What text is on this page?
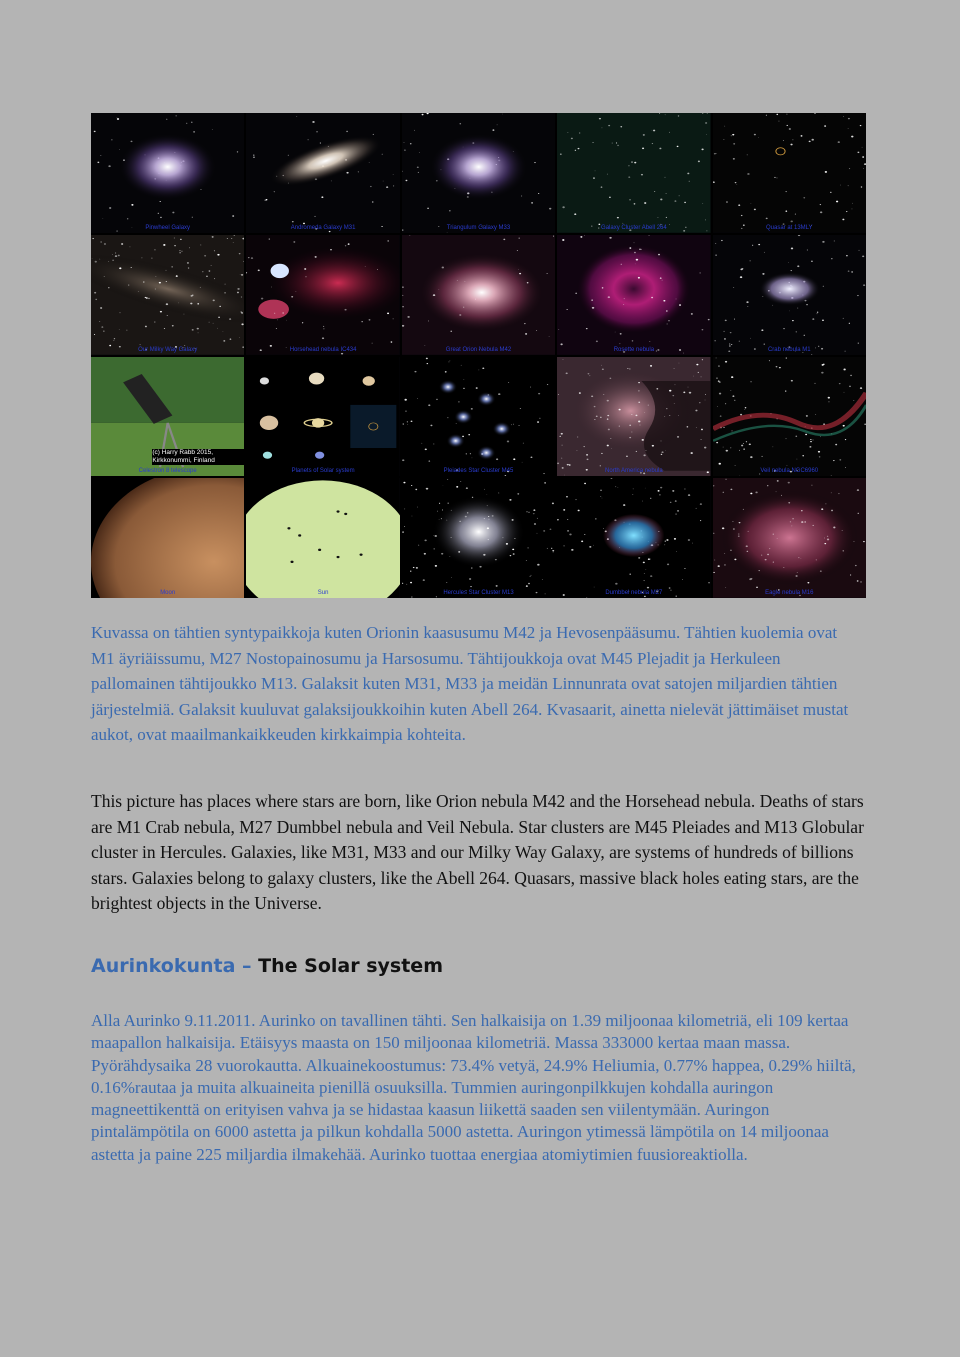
Pinwheel Galaxy	Andromeda Galaxy M31	Triangulum Galaxy M33	Galaxy Cluster Abell 264	Quasar at 13MLY
Our Milky Way Galaxy	Horsehead nebula IC434	Great Orion Nebula M42	Rosette nebula	Crab nebula M1
Celestron 8 telescope
(c) Harry Rabb 2015,
Kirkkonummi, Finland
Planets of Solar system	Pleiades Star Cluster M45	North America nebula	Veil nebula NGC6960
Moon	Sun	Hercules Star Cluster M13	Dumbbel nebula M27	Eagle nebula M16

Kuvassa on tähtien syntypaikkoja kuten Orionin kaasusumu M42 ja Hevosenpääsumu. Tähtien kuolemia ovat M1 äyriäissumu, M27 Nostopainosumu ja Harsosumu. Tähtijoukkoja ovat M45 Plejadit ja Herkuleen pallomainen tähtijoukko M13. Galaksit kuten M31, M33 ja meidän Linnunrata ovat satojen miljardien tähtien järjestelmiä. Galaksit kuuluvat galaksijoukkoihin kuten Abell 264. Kvasaarit, ainetta nielevät jättimäiset mustat aukot, ovat maailmankaikkeuden kirkkaimpia kohteita.

This picture has places where stars are born, like Orion nebula M42 and the Horsehead nebula. Deaths of stars are M1 Crab nebula, M27 Dumbbel nebula and Veil Nebula. Star clusters are M45 Pleiades and M13 Globular cluster in Hercules. Galaxies, like M31, M33 and our Milky Way Galaxy, are systems of hundreds of billions stars. Galaxies belong to galaxy clusters, like the Abell 264. Quasars, massive black holes eating stars, are the brightest objects in the Universe.

Aurinkokunta – The Solar system

Alla Aurinko 9.11.2011. Aurinko on tavallinen tähti. Sen halkaisija on 1.39 miljoonaa kilometriä, eli 109 kertaa maapallon halkaisija. Etäisyys maasta on 150 miljoonaa kilometriä. Massa 333000 kertaa maan massa. Pyörähdysaika 28 vuorokautta. Alkuainekoostumus: 73.4% vetyä, 24.9% Heliumia, 0.77% happea, 0.29% hiiltä, 0.16%rautaa ja muita alkuaineita pienillä osuuksilla. Tummien auringonpilkkujen kohdalla auringon magneettikenttä on erityisen vahva ja se hidastaa kaasun liikettä saaden sen viilentymään. Auringon pintalämpötila on 6000 astetta ja pilkun kohdalla 5000 astetta. Auringon ytimessä lämpötila on 14 miljoonaa astetta ja paine 225 miljardia ilmakehää. Aurinko tuottaa energiaa atomiytimien fuusioreaktiolla.
